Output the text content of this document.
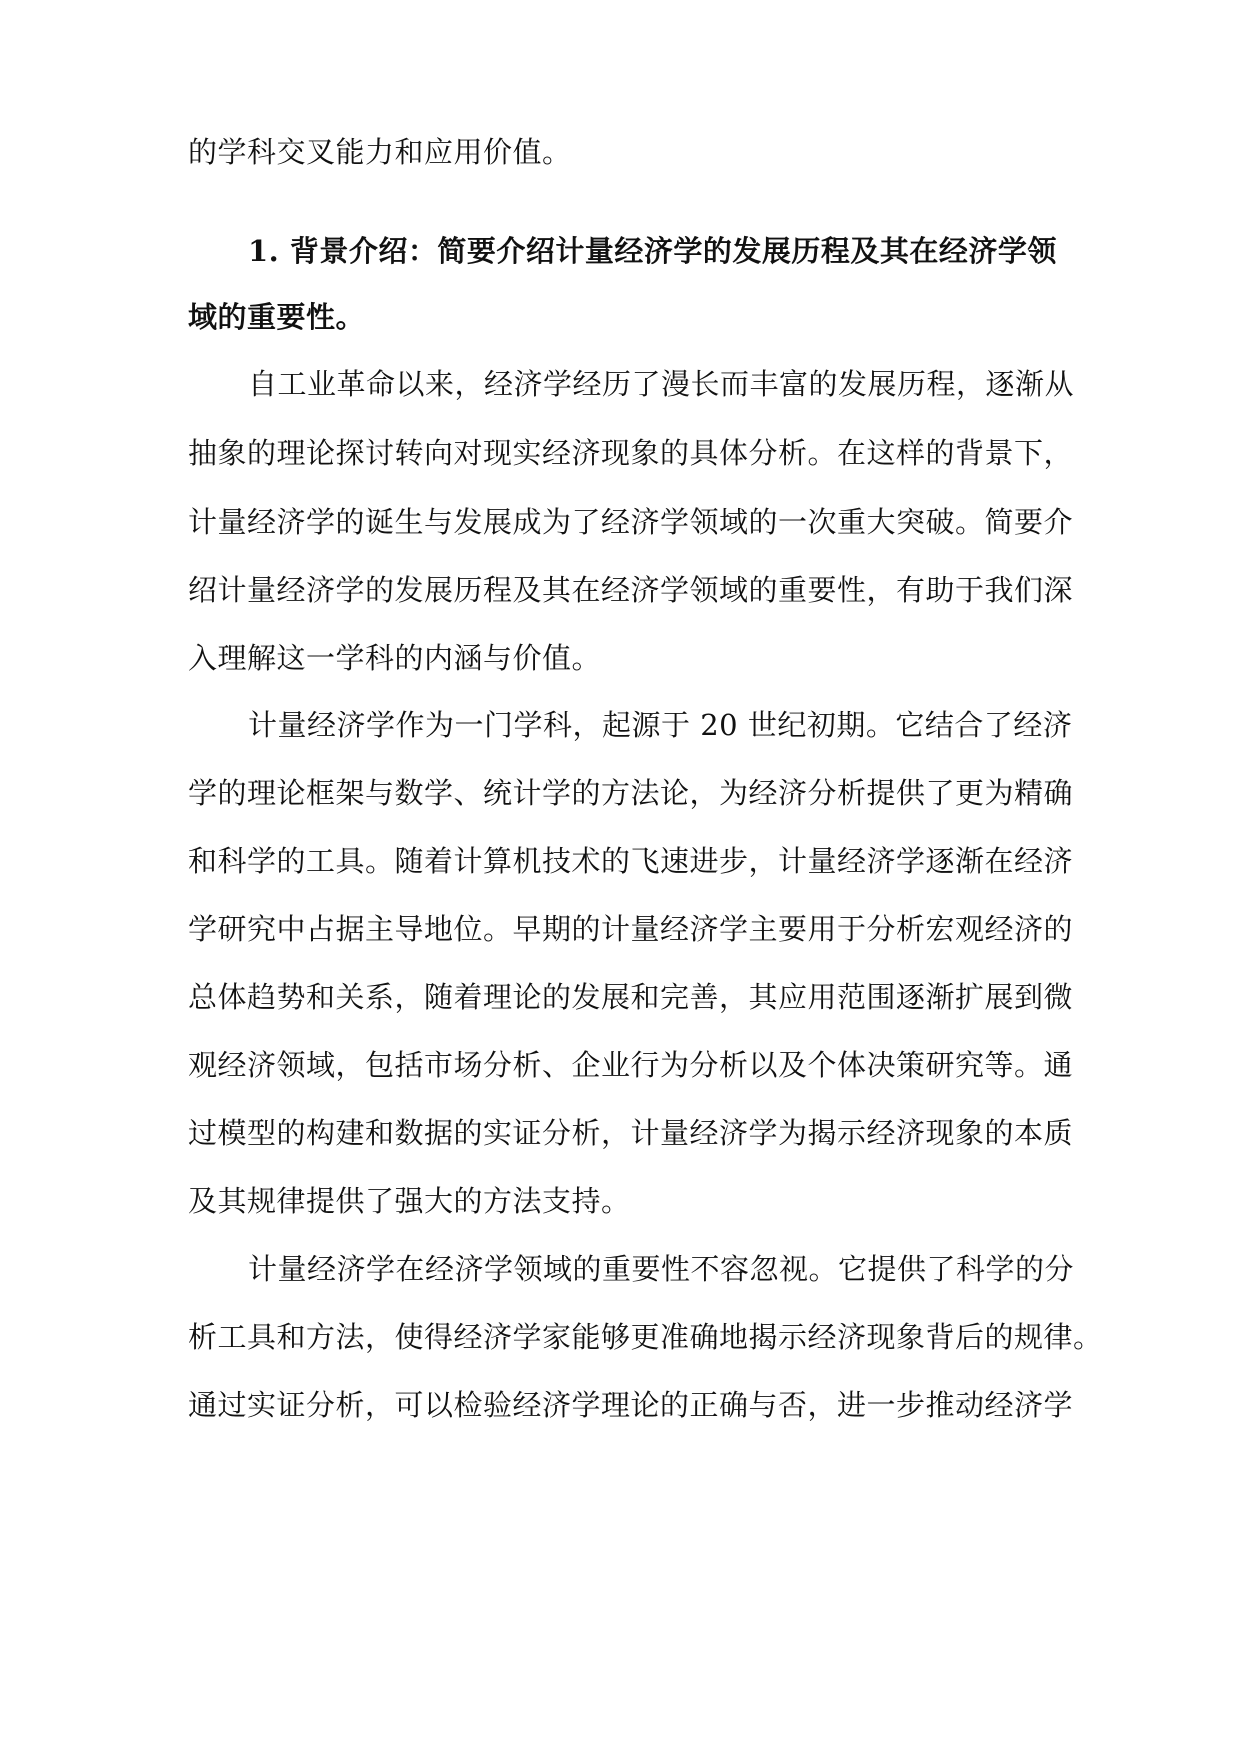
的学科交叉能力和应用价值。
1. 背景介绍：简要介绍计量经济学的发展历程及其在经济学领
域的重要性。
自工业革命以来，经济学经历了漫长而丰富的发展历程，逐渐从
抽象的理论探讨转向对现实经济现象的具体分析。在这样的背景下，
计量经济学的诞生与发展成为了经济学领域的一次重大突破。简要介
绍计量经济学的发展历程及其在经济学领域的重要性，有助于我们深
入理解这一学科的内涵与价值。
计量经济学作为一门学科，起源于 20 世纪初期。它结合了经济
学的理论框架与数学、统计学的方法论，为经济分析提供了更为精确
和科学的工具。随着计算机技术的飞速进步，计量经济学逐渐在经济
学研究中占据主导地位。早期的计量经济学主要用于分析宏观经济的
总体趋势和关系，随着理论的发展和完善，其应用范围逐渐扩展到微
观经济领域，包括市场分析、企业行为分析以及个体决策研究等。通
过模型的构建和数据的实证分析，计量经济学为揭示经济现象的本质
及其规律提供了强大的方法支持。
计量经济学在经济学领域的重要性不容忽视。它提供了科学的分
析工具和方法，使得经济学家能够更准确地揭示经济现象背后的规律。
通过实证分析，可以检验经济学理论的正确与否，进一步推动经济学
